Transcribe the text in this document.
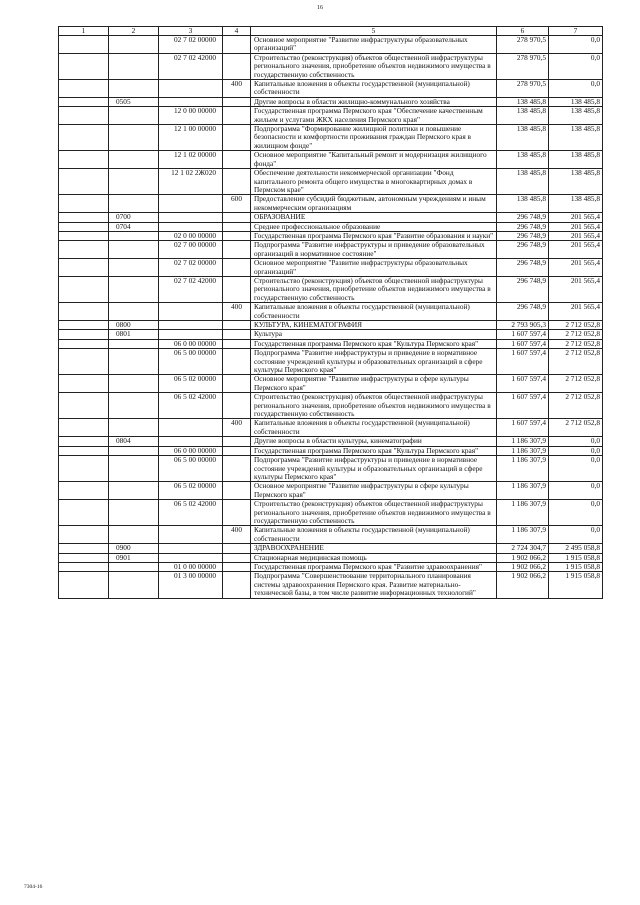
16
1	2	3	4	5	6	7
		02 7 02 00000		Основное мероприятие "Развитие инфраструктуры образовательных организаций"	278 970,5	0,0
		02 7 02 42000		Строительство (реконструкция) объектов общественной инфраструктуры регионального значения, приобретение объектов недвижимого имущества в государственную собственность	278 970,5	0,0
			400	Капитальные вложения в объекты государственной (муниципальной) собственности	278 970,5	0,0
	0505			Другие вопросы в области жилищно-коммунального хозяйства	138 485,8	138 485,8
		12 0 00 00000		Государственная программа Пермского края "Обеспечение качественным жильем и услугами ЖКХ населения Пермского края"	138 485,8	138 485,8
		12 1 00 00000		Подпрограмма "Формирование жилищной политики и повышение безопасности и комфортности проживания граждан Пермского края в жилищном фонде"	138 485,8	138 485,8
		12 1 02 00000		Основное мероприятие "Капитальный ремонт и модернизация жилищного фонда"	138 485,8	138 485,8
		12 1 02 2Ж020		Обеспечение деятельности некоммерческой организации "Фонд капитального ремонта общего имущества в многоквартирных домах в Пермском крае"	138 485,8	138 485,8
			600	Предоставление субсидий бюджетным, автономным учреждениям и иным некоммерческим организациям	138 485,8	138 485,8
	0700			ОБРАЗОВАНИЕ	296 748,9	201 565,4
	0704			Среднее профессиональное образование	296 748,9	201 565,4
		02 0 00 00000		Государственная программа Пермского края "Развитие образования и науки"	296 748,9	201 565,4
		02 7 00 00000		Подпрограмма "Развитие инфраструктуры и приведение образовательных организаций в нормативное состояние"	296 748,9	201 565,4
		02 7 02 00000		Основное мероприятие "Развитие инфраструктуры образовательных организаций"	296 748,9	201 565,4
		02 7 02 42000		Строительство (реконструкция) объектов общественной инфраструктуры регионального значения, приобретение объектов недвижимого имущества в государственную собственность	296 748,9	201 565,4
			400	Капитальные вложения в объекты государственной (муниципальной) собственности	296 748,9	201 565,4
	0800			КУЛЬТУРА, КИНЕМАТОГРАФИЯ	2 793 905,3	2 712 052,8
	0801			Культура	1 607 597,4	2 712 052,8
		06 0 00 00000		Государственная программа Пермского края "Культура Пермского края"	1 607 597,4	2 712 052,8
		06 5 00 00000		Подпрограмма "Развитие инфраструктуры и приведение в нормативное состояние учреждений культуры и образовательных организаций в сфере культуры Пермского края"	1 607 597,4	2 712 052,8
		06 5 02 00000		Основное мероприятие "Развитие инфраструктуры в сфере культуры Пермского края"	1 607 597,4	2 712 052,8
		06 5 02 42000		Строительство (реконструкция) объектов общественной инфраструктуры регионального значения, приобретение объектов недвижимого имущества в государственную собственность	1 607 597,4	2 712 052,8
			400	Капитальные вложения в объекты государственной (муниципальной) собственности	1 607 597,4	2 712 052,8
	0804			Другие вопросы в области культуры, кинематографии	1 186 307,9	0,0
		06 0 00 00000		Государственная программа Пермского края "Культура Пермского края"	1 186 307,9	0,0
		06 5 00 00000		Подпрограмма "Развитие инфраструктуры и приведение в нормативное состояние учреждений культуры и образовательных организаций в сфере культуры Пермского края"	1 186 307,9	0,0
		06 5 02 00000		Основное мероприятие "Развитие инфраструктуры в сфере культуры Пермского края"	1 186 307,9	0,0
		06 5 02 42000		Строительство (реконструкция) объектов общественной инфраструктуры регионального значения, приобретение объектов недвижимого имущества в государственную собственность	1 186 307,9	0,0
			400	Капитальные вложения в объекты государственной (муниципальной) собственности	1 186 307,9	0,0
	0900			ЗДРАВООХРАНЕНИЕ	2 724 304,7	2 495 058,8
	0901			Стационарная медицинская помощь	1 902 066,2	1 915 058,8
		01 0 00 00000		Государственная программа Пермского края "Развитие здравоохранения"	1 902 066,2	1 915 058,8
		01 3 00 00000		Подпрограмма "Совершенствование территориального планирования системы здравоохранения Пермского края. Развитие материально-технической базы, в том числе развитие информационных технологий"	1 902 066,2	1 915 058,8
7304-16
